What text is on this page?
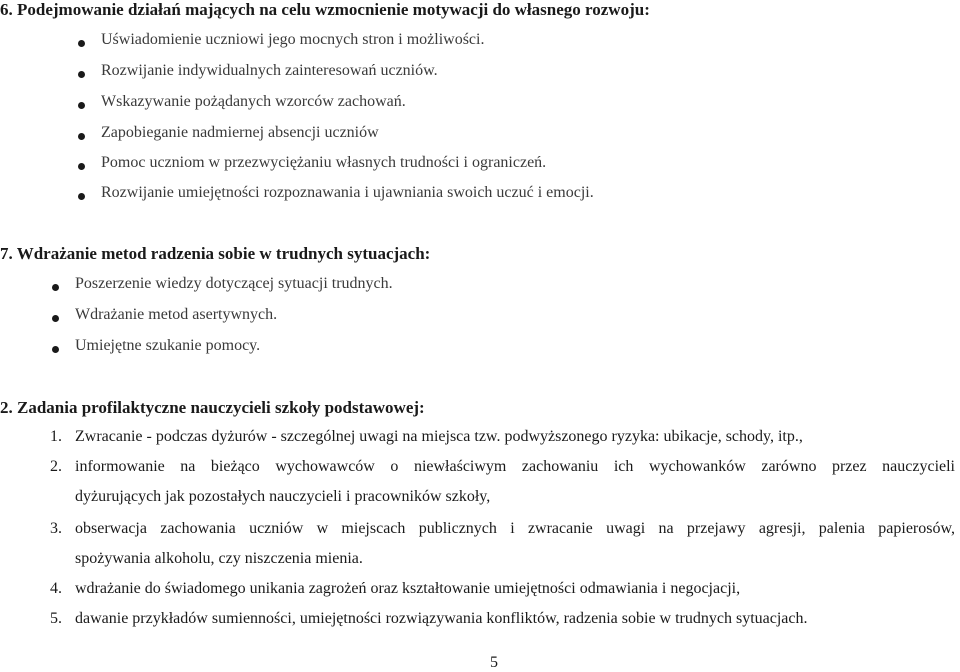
6. Podejmowanie działań mających na celu wzmocnienie motywacji do własnego rozwoju:
Uświadomienie uczniowi jego mocnych stron i możliwości.
Rozwijanie indywidualnych zainteresowań uczniów.
Wskazywanie pożądanych wzorców zachowań.
Zapobieganie nadmiernej absencji uczniów
Pomoc uczniom w przezwyciężaniu własnych trudności i ograniczeń.
Rozwijanie umiejętności rozpoznawania i ujawniania swoich uczuć i emocji.
7. Wdrażanie metod radzenia sobie w trudnych sytuacjach:
Poszerzenie wiedzy dotyczącej sytuacji trudnych.
Wdrażanie metod asertywnych.
Umiejętne szukanie pomocy.
2. Zadania profilaktyczne nauczycieli szkoły podstawowej:
1. Zwracanie - podczas dyżurów - szczególnej uwagi na miejsca tzw. podwyższonego ryzyka: ubikacje, schody, itp.,
2. informowanie na bieżąco wychowawców o niewłaściwym zachowaniu ich wychowanków zarówno przez nauczycieli
dyżurujących jak pozostałych nauczycieli i pracowników szkoły,
3. obserwacja zachowania uczniów w miejscach publicznych i zwracanie uwagi na przejawy agresji, palenia papierosów,
spożywania alkoholu, czy niszczenia mienia.
4. wdrażanie do świadomego unikania zagrożeń oraz kształtowanie umiejętności odmawiania i negocjacji,
5. dawanie przykładów sumienności, umiejętności rozwiązywania konfliktów, radzenia sobie w trudnych sytuacjach.
5
